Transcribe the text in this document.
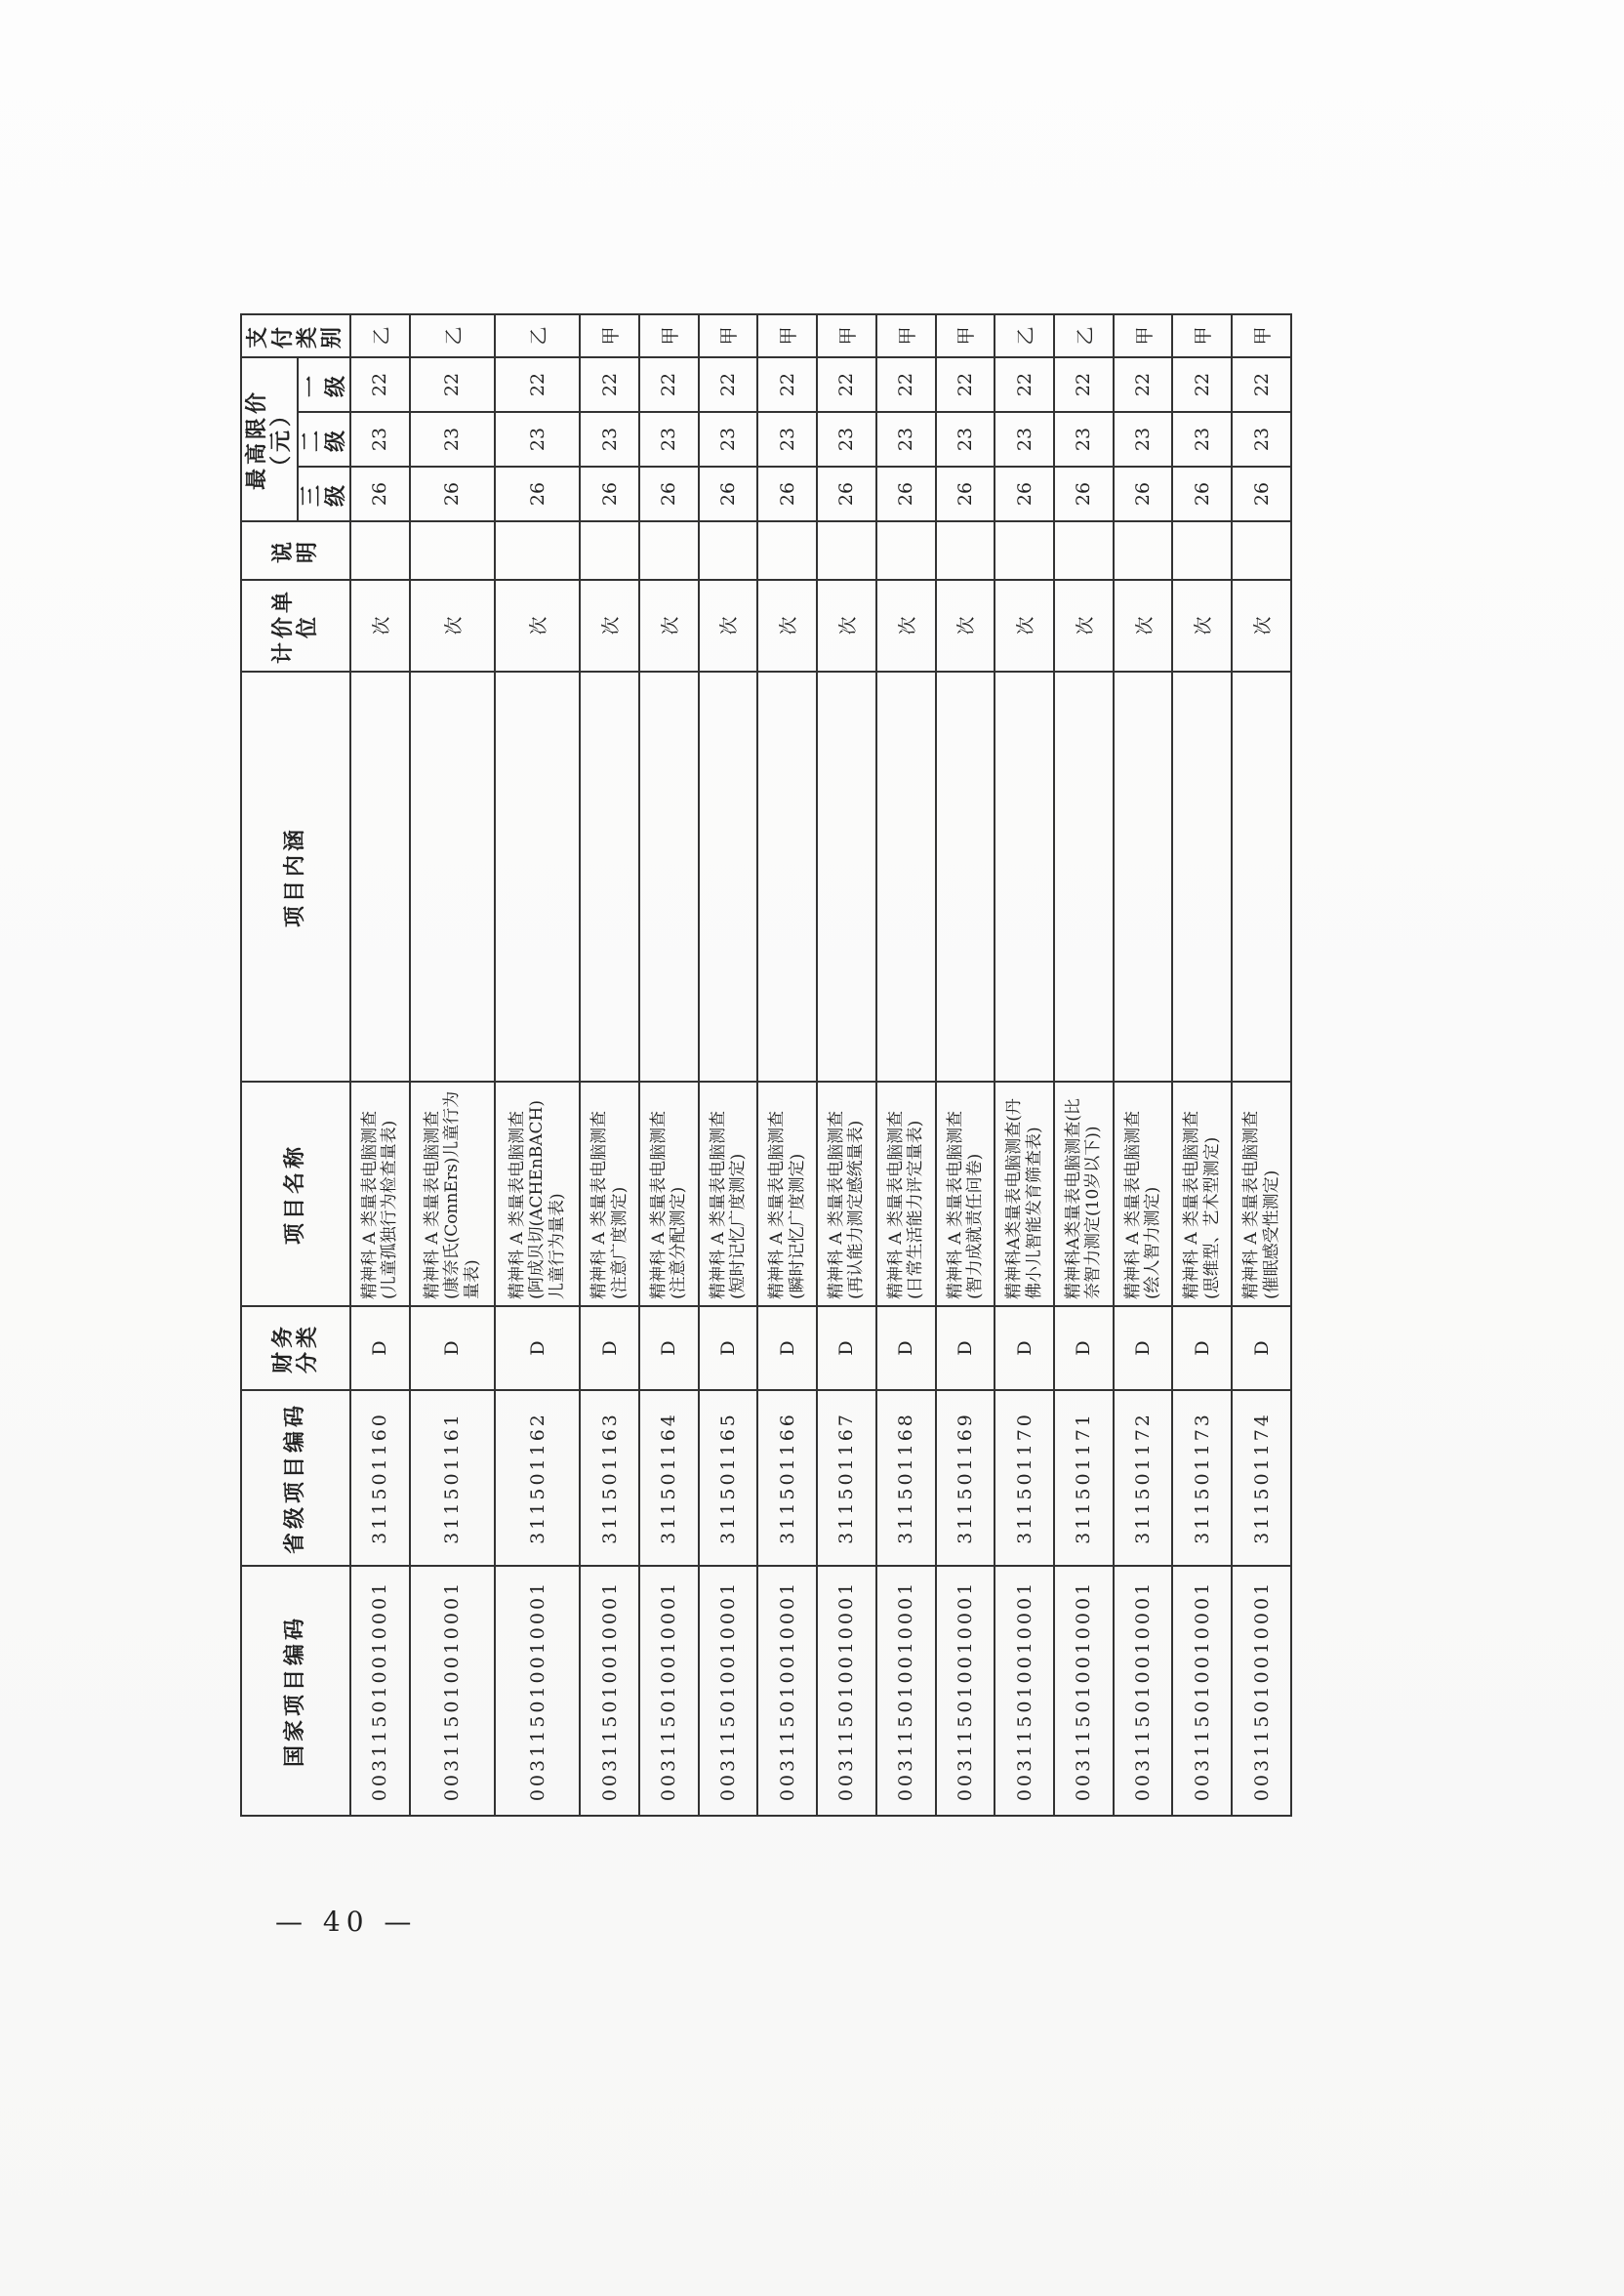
国家项目编码	省级项目编码	财务分类	项目名称	项目内涵	计价单位	说明	最高限价（元）			支付类别
							三级	二级	一级	
003115010010001	311501160	D	精神科 A 类量表电脑测查(儿童孤独行为检查量表)		次		26	23	22	乙
003115010010001	311501161	D	精神科 A 类量表电脑测查(康奈氏(ConnErs)儿童行为量表)		次		26	23	22	乙
003115010010001	311501162	D	精神科 A 类量表电脑测查(阿成贝切(ACHEnBACH)儿童行为量表)		次		26	23	22	乙
003115010010001	311501163	D	精神科 A 类量表电脑测查(注意广度测定)		次		26	23	22	甲
003115010010001	311501164	D	精神科 A 类量表电脑测查(注意分配测定)		次		26	23	22	甲
003115010010001	311501165	D	精神科 A 类量表电脑测查(短时记忆广度测定)		次		26	23	22	甲
003115010010001	311501166	D	精神科 A 类量表电脑测查(瞬时记忆广度测定)		次		26	23	22	甲
003115010010001	311501167	D	精神科 A 类量表电脑测查(再认能力测定感统量表)		次		26	23	22	甲
003115010010001	311501168	D	精神科 A 类量表电脑测查(日常生活能力评定量表)		次		26	23	22	甲
003115010010001	311501169	D	精神科 A 类量表电脑测查(智力成就责任问卷)		次		26	23	22	甲
003115010010001	311501170	D	精神科A类量表电脑测查(丹佛小儿智能发育筛查表)		次		26	23	22	乙
003115010010001	311501171	D	精神科A类量表电脑测查(比奈智力测定(10岁以下))		次		26	23	22	乙
003115010010001	311501172	D	精神科 A 类量表电脑测查(绘人智力测定)		次		26	23	22	甲
003115010010001	311501173	D	精神科 A 类量表电脑测查(思维型、艺术型测定)		次		26	23	22	甲
003115010010001	311501174	D	精神科 A 类量表电脑测查(催眠感受性测定)		次		26	23	22	甲
— 40 —
